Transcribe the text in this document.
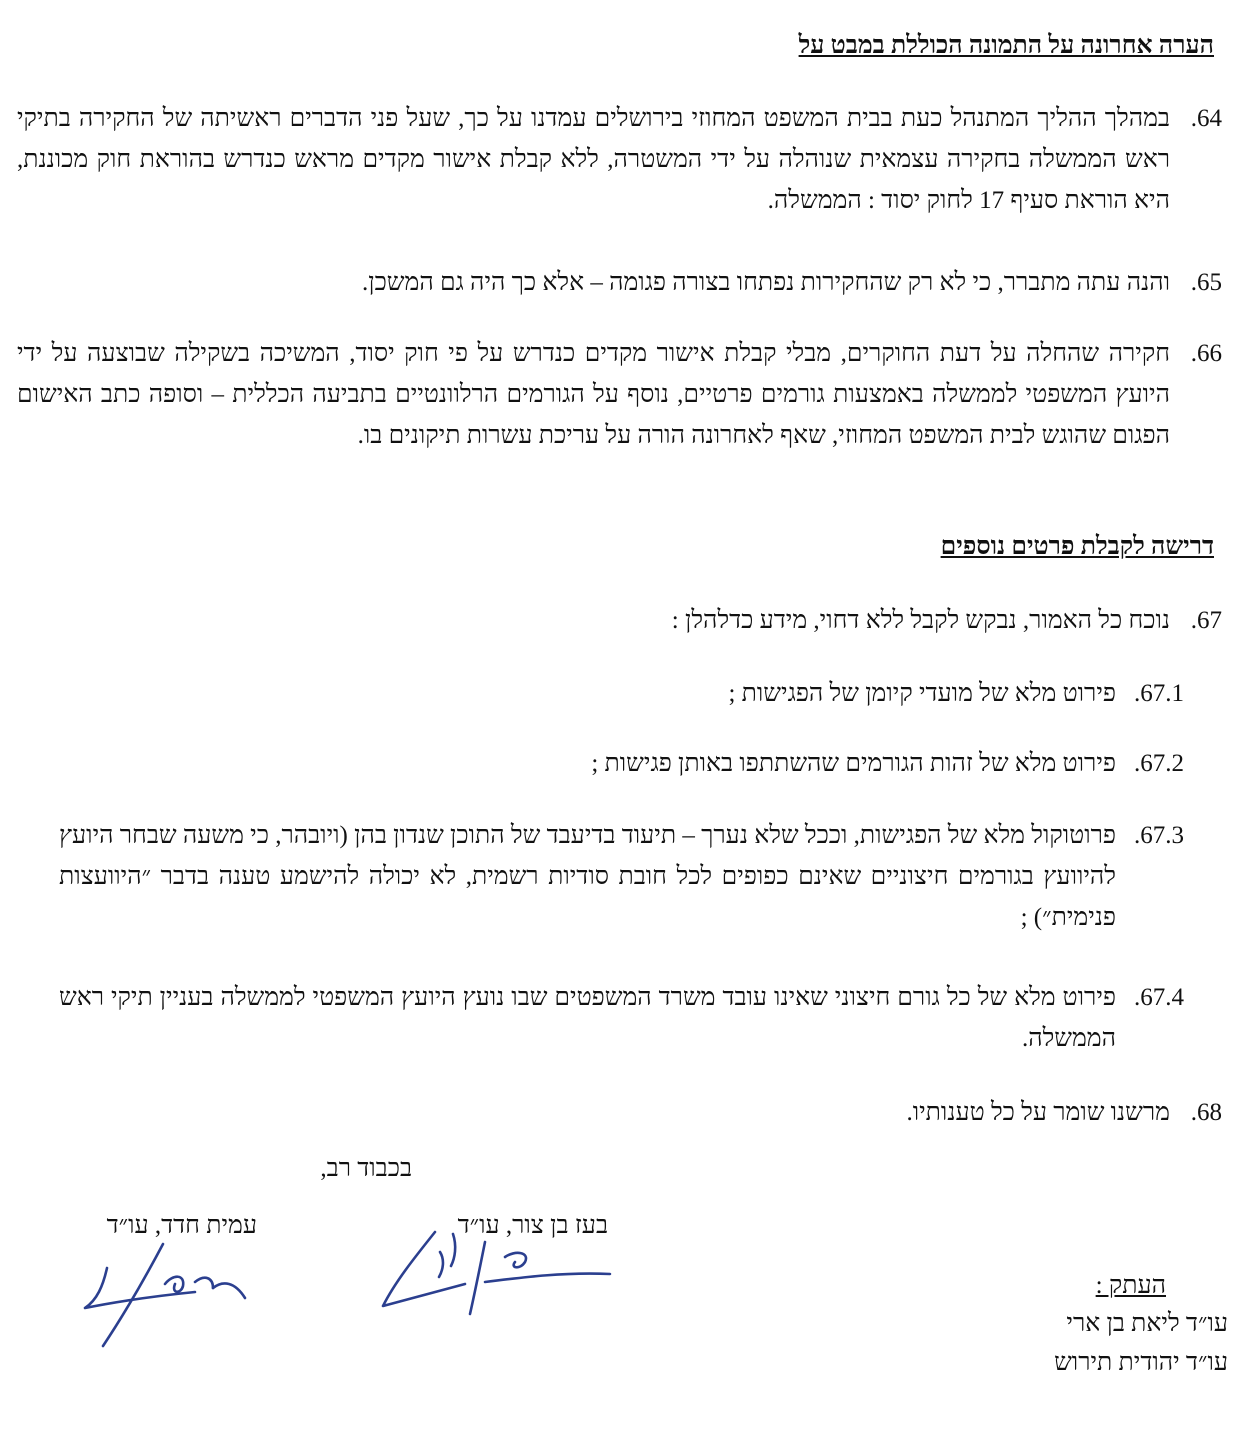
הערה אחרונה על התמונה הכוללת במבט על
64.
במהלך ההליך המתנהל כעת בבית המשפט המחוזי בירושלים עמדנו על כך, שעל פני הדברים ראשיתה של החקירה בתיקי ראש הממשלה בחקירה עצמאית שנוהלה על ידי המשטרה, ללא קבלת אישור מקדים מראש כנדרש בהוראת חוק מכוננת, היא הוראת סעיף 17 לחוק יסוד : הממשלה.
65.
והנה עתה מתברר, כי לא רק שהחקירות נפתחו בצורה פגומה – אלא כך היה גם המשכן.
66.
חקירה שהחלה על דעת החוקרים, מבלי קבלת אישור מקדים כנדרש על פי חוק יסוד, המשיכה בשקילה שבוצעה על ידי היועץ המשפטי לממשלה באמצעות גורמים פרטיים, נוסף על הגורמים הרלוונטיים בתביעה הכללית – וסופה כתב האישום הפגום שהוגש לבית המשפט המחוזי, שאף לאחרונה הורה על עריכת עשרות תיקונים בו.
דרישה לקבלת פרטים נוספים
67.
נוכח כל האמור, נבקש לקבל ללא דחוי, מידע כדלהלן :
67.1.
פירוט מלא של מועדי קיומן של הפגישות ;
67.2.
פירוט מלא של זהות הגורמים שהשתתפו באותן פגישות ;
67.3.
פרוטוקול מלא של הפגישות, וככל שלא נערך – תיעוד בדיעבד של התוכן שנדון בהן (ויובהר, כי משעה שבחר היועץ להיוועץ בגורמים חיצוניים שאינם כפופים לכל חובת סודיות רשמית, לא יכולה להישמע טענה בדבר ״היוועצות פנימית״) ;
67.4.
פירוט מלא של כל גורם חיצוני שאינו עובד משרד המשפטים שבו נועץ היועץ המשפטי לממשלה בעניין תיקי ראש הממשלה.
68.
מרשנו שומר על כל טענותיו.
בכבוד רב,
בעז בן צור, עו״ד
עמית חדד, עו״ד
העתק :
עו״ד ליאת בן ארי
עו״ד יהודית תירוש
